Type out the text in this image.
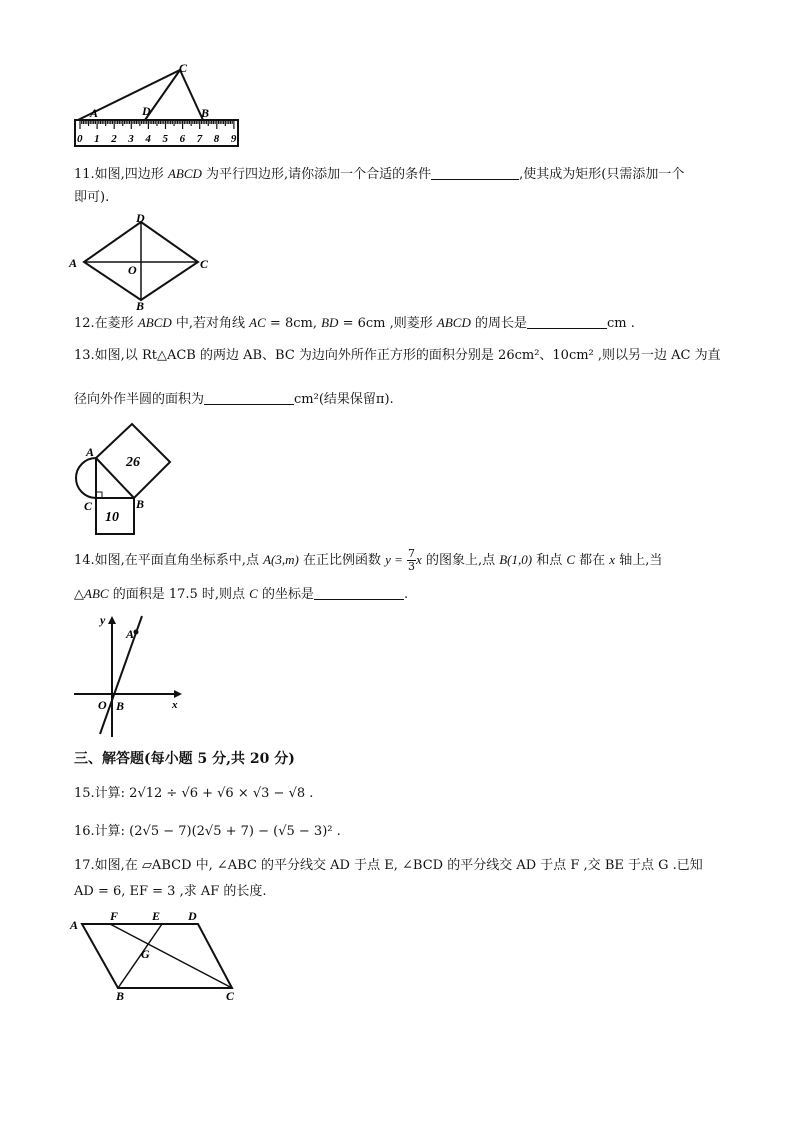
A	D
C
B
0 1 2 3 4 5 6 7 8 9
11.如图,四边形 ABCD 为平行四边形,请你添加一个合适的条件	,使其成为矩形(只需添加一个
即可).
D
A	O	C
B
12.在菱形 ABCD 中,若对角线 AC = 8cm, BD = 6cm ,则菱形 ABCD 的周长是	cm .
13.如图,以 Rt△ACB 的两边 AB、BC 为边向外所作正方形的面积分别是 26cm²、10cm² ,则以另一边 AC 为直
径向外作半圆的面积为	cm²(结果保留π).
A
C	B
26
10
14.如图,在平面直角坐标系中,点 A(3,m) 在正比例函数 $y = \frac{7}{3}$ x 的图象上,点 B(1,0) 和点 C 都在 x 轴上,当
△ABC 的面积是 17.5 时,则点 C 的坐标是	.
y
A
O B	x
三、解答题(每小题 5 分,共 20 分)
15.计算: 2√12 ÷ √6 + √6 × √3 − √8 .
16.计算: (2√5 − 7)(2√5 + 7) − (√5 − 3)² .
17.如图,在 ▱ABCD 中, ∠ABC 的平分线交 AD 于点 E, ∠BCD 的平分线交 AD 于点 F ,交 BE 于点 G .已知
AD = 6, EF = 3 ,求 AF 的长度.
A
F	E D
G
B	C
